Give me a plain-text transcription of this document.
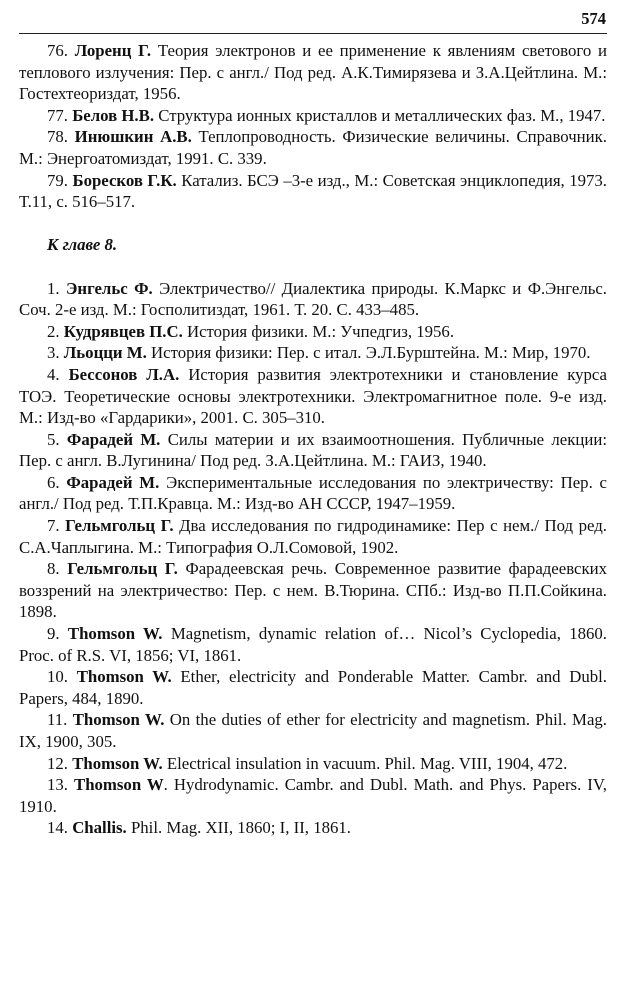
574

76. Лоренц Г. Теория электронов и ее применение к явлениям светового и теплового излучения: Пер. с англ./ Под ред. А.К.Тимирязева и З.А.Цейтлина. М.: Гостехтеориздат, 1956.

77. Белов Н.В. Структура ионных кристаллов и металлических фаз. М., 1947.

78. Инюшкин А.В. Теплопроводность. Физические величины. Справочник. М.: Энергоатомиздат, 1991. С. 339.

79. Боресков Г.К. Катализ. БСЭ –3-е изд., М.: Советская энциклопедия, 1973. Т.11, с. 516–517.

К главе 8.

1. Энгельс Ф. Электричество// Диалектика природы. К.Маркс и Ф.Энгельс. Соч. 2-е изд. М.: Госполитиздат, 1961. Т. 20. С. 433–485.

2. Кудрявцев П.С. История физики. М.: Учпедгиз, 1956.

3. Льоцци М. История физики: Пер. с итал. Э.Л.Бурштейна. М.: Мир, 1970.

4. Бессонов Л.А. История развития электротехники и становление курса ТОЭ. Теоретические основы электротехники. Электромагнитное поле. 9-е изд. М.: Изд-во «Гардарики», 2001. С. 305–310.

5. Фарадей М. Силы материи и их взаимоотношения. Публичные лекции: Пер. с англ. В.Лугинина/ Под ред. З.А.Цейтлина. М.: ГАИЗ, 1940.

6. Фарадей М. Экспериментальные исследования по электричеству: Пер. с англ./ Под ред. Т.П.Кравца. М.: Изд-во АН СССР, 1947–1959.

7. Гельмгольц Г. Два исследования по гидродинамике: Пер с нем./ Под ред. С.А.Чаплыгина. М.: Типография О.Л.Сомовой, 1902.

8. Гельмгольц Г. Фарадеевская речь. Современное развитие фарадеевских воззрений на электричество: Пер. с нем. В.Тюрина. СПб.: Изд-во П.П.Сойкина. 1898.

9. Thomson W. Magnetism, dynamic relation of… Nicol’s Cyclopedia, 1860. Proc. of R.S. VI, 1856; VI, 1861.

10. Thomson W. Ether, electricity and Ponderable Matter. Cambr. and Dubl. Papers, 484, 1890.

11. Thomson W. On the duties of ether for electricity and magnetism. Phil. Mag. IX, 1900, 305.

12. Thomson W. Electrical insulation in vacuum. Phil. Mag. VIII, 1904, 472.

13. Thomson W. Hydrodynamic. Cambr. and Dubl. Math. and Phys. Papers. IV, 1910.

14. Challis. Phil. Mag. XII, 1860; I, II, 1861.
